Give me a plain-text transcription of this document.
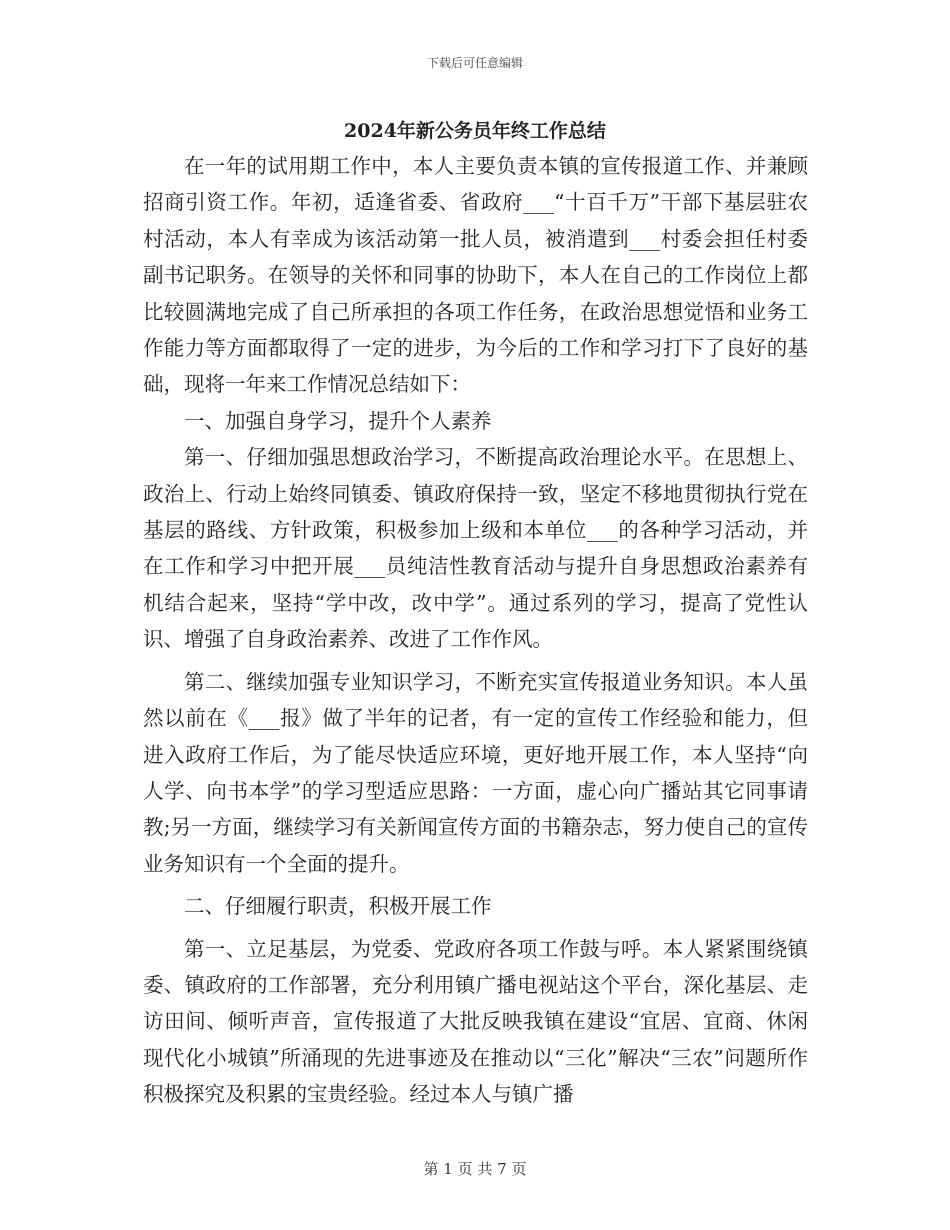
下载后可任意编辑
2024年新公务员年终工作总结

在一年的试用期工作中，本人主要负责本镇的宣传报道工作、并兼顾招商引资工作。年初，适逢省委、省政府___“十百千万”干部下基层驻农村活动，本人有幸成为该活动第一批人员，被消遣到___村委会担任村委副书记职务。在领导的关怀和同事的协助下，本人在自己的工作岗位上都比较圆满地完成了自己所承担的各项工作任务，在政治思想觉悟和业务工作能力等方面都取得了一定的进步，为今后的工作和学习打下了良好的基础，现将一年来工作情况总结如下：

一、加强自身学习，提升个人素养

第一、仔细加强思想政治学习，不断提高政治理论水平。在思想上、政治上、行动上始终同镇委、镇政府保持一致，坚定不移地贯彻执行党在基层的路线、方针政策，积极参加上级和本单位___的各种学习活动，并在工作和学习中把开展___员纯洁性教育活动与提升自身思想政治素养有机结合起来，坚持“学中改，改中学”。通过系列的学习，提高了党性认识、增强了自身政治素养、改进了工作作风。

第二、继续加强专业知识学习，不断充实宣传报道业务知识。本人虽然以前在《___报》做了半年的记者，有一定的宣传工作经验和能力，但进入政府工作后，为了能尽快适应环境，更好地开展工作，本人坚持“向人学、向书本学”的学习型适应思路：一方面，虚心向广播站其它同事请教;另一方面，继续学习有关新闻宣传方面的书籍杂志，努力使自己的宣传业务知识有一个全面的提升。

二、仔细履行职责，积极开展工作

第一、立足基层，为党委、党政府各项工作鼓与呼。本人紧紧围绕镇委、镇政府的工作部署，充分利用镇广播电视站这个平台，深化基层、走访田间、倾听声音，宣传报道了大批反映我镇在建设“宜居、宜商、休闲现代化小城镇”所涌现的先进事迹及在推动以“三化”解决“三农”问题所作积极探究及积累的宝贵经验。经过本人与镇广播

第 1 页 共 7 页
